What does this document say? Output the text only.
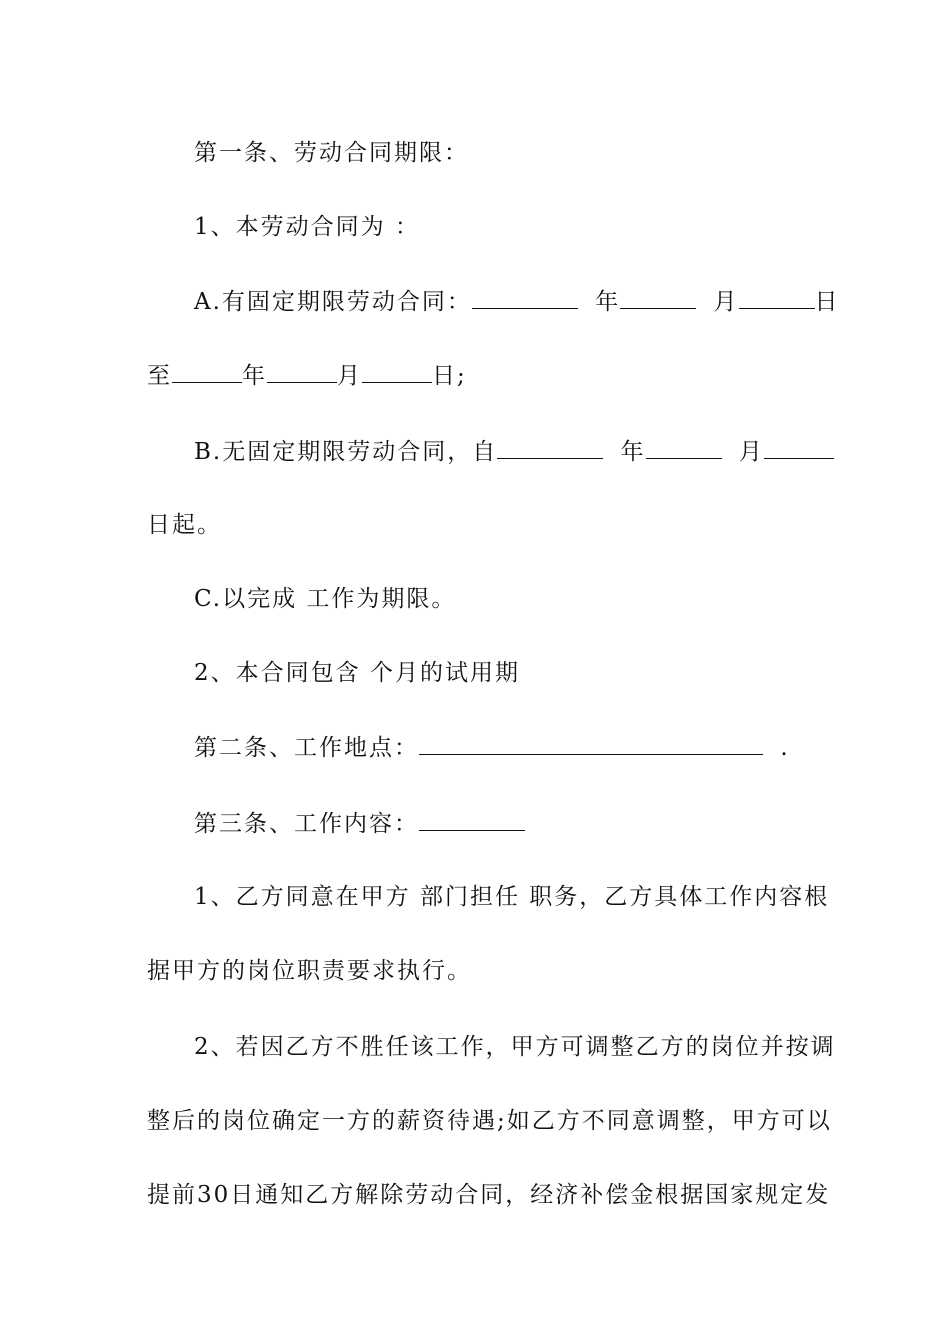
第一条、劳动合同期限：
1、本劳动合同为 ：
A.有固定期限劳动合同：	年	月	日
至	年	月	日;
B.无固定期限劳动合同，自	年	月
日起。
C.以完成 工作为期限。
2、本合同包含 个月的试用期
第二条、工作地点：	.
第三条、工作内容：
1、乙方同意在甲方 部门担任 职务，乙方具体工作内容根
据甲方的岗位职责要求执行。
2、若因乙方不胜任该工作，甲方可调整乙方的岗位并按调
整后的岗位确定一方的薪资待遇;如乙方不同意调整，甲方可以
提前30日通知乙方解除劳动合同，经济补偿金根据国家规定发
